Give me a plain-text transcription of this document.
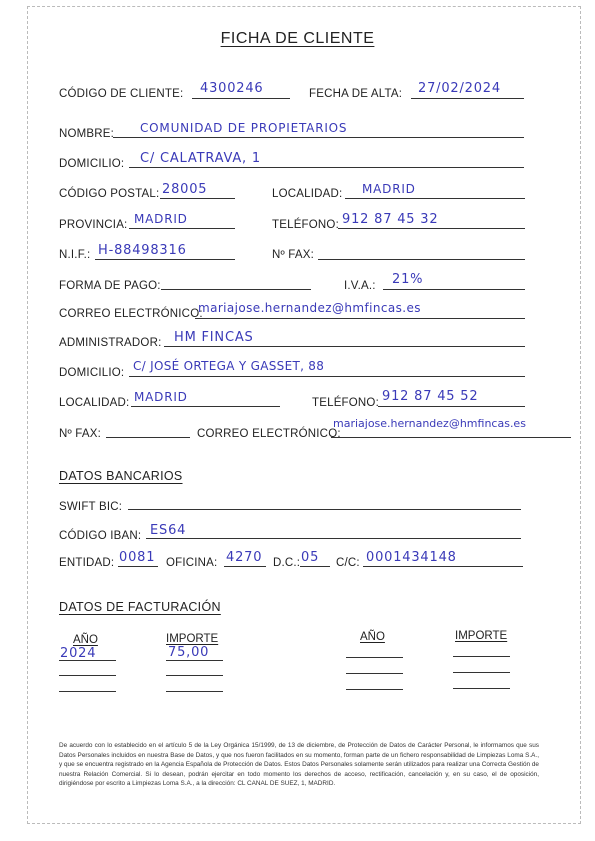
FICHA DE CLIENTE
CÓDIGO DE CLIENTE: 4300246	FECHA DE ALTA: 27/02/2024
NOMBRE: COMUNIDAD DE PROPIETARIOS
DOMICILIO: C/ CALATRAVA, 1
CÓDIGO POSTAL: 28005	LOCALIDAD: MADRID
PROVINCIA: MADRID	TELÉFONO: 912 87 45 32
N.I.F.: H-88498316	Nº FAX:
FORMA DE PAGO:	I.V.A.: 21%
CORREO ELECTRÓNICO:
mariajose.hernandez@hmfincas.es
ADMINISTRADOR: HM FINCAS
DOMICILIO: C/ JOSÉ ORTEGA Y GASSET, 88
LOCALIDAD: MADRID	TELÉFONO: 912 87 45 52
Nº FAX:	CORREO ELECTRÓNICO:
mariajose.hernandez@hmfincas.es
DATOS BANCARIOS
SWIFT BIC:
CÓDIGO IBAN: ES64
ENTIDAD: 0081 OFICINA: 4270 D.C.: 05 C/C: 0001434148
DATOS DE FACTURACIÓN
AÑO	IMPORTE	AÑO	IMPORTE
2024	75,00
De acuerdo con lo establecido en el artículo 5 de la Ley Orgánica 15/1999, de 13 de diciembre, de Protección de Datos de Carácter Personal, le informamos que sus Datos Personales incluidos en nuestra Base de Datos, y que nos fueron facilitados en su momento, forman parte de un fichero responsabilidad de Limpiezas Loma S.A., y que se encuentra registrado en la Agencia Española de Protección de Datos. Estos Datos Personales solamente serán utilizados para realizar una Correcta Gestión de nuestra Relación Comercial. Si lo desean, podrán ejercitar en todo momento los derechos de acceso, rectificación, cancelación y, en su caso, el de oposición, dirigiéndose por escrito a Limpiezas Loma S.A., a la dirección: CL CANAL DE SUEZ, 1, MADRID.
